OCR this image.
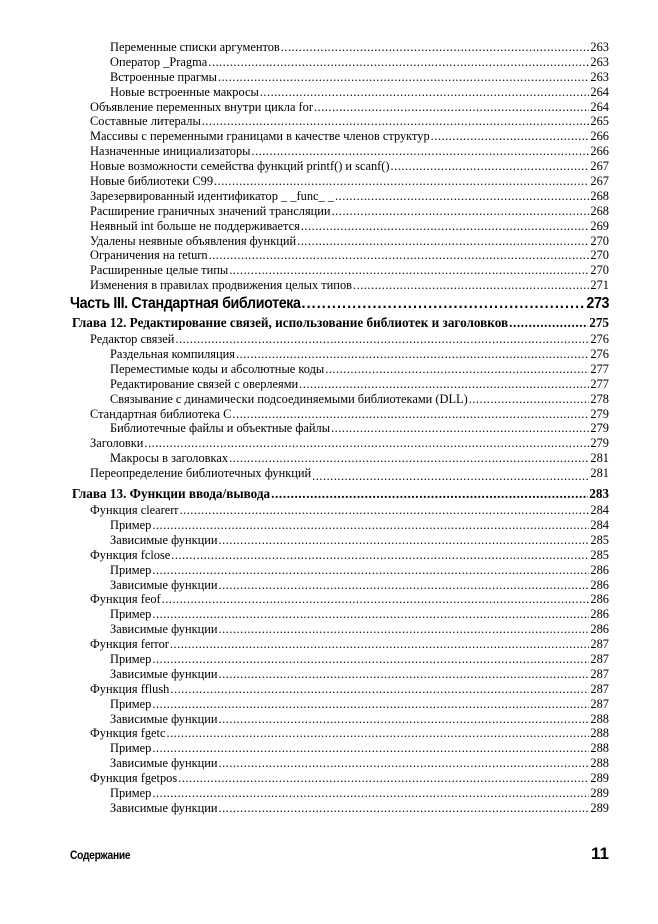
Переменные списки аргументов .....	263
Оператор _Pragma .....	263
Встроенные прагмы .....	263
Новые встроенные макросы .....	264
Объявление переменных внутри цикла for .....	264
Составные литералы .....	265
Массивы с переменными границами в качестве членов структур .....	266
Назначенные инициализаторы .....	266
Новые возможности семейства функций printf() и scanf() .....	267
Новые библиотеки C99 .....	267
Зарезервированный идентификатор _ _func_ _ .....	268
Расширение граничных значений трансляции .....	268
Неявный int больше не поддерживается .....	269
Удалены неявные объявления функций .....	270
Ограничения на return .....	270
Расширенные целые типы .....	270
Изменения в правилах продвижения целых типов .....	271
Часть III. Стандартная библиотека .....	273
Глава 12. Редактирование связей, использование библиотек и заголовков .....	275
Редактор связей .....	276
Раздельная компиляция .....	276
Переместимые коды и абсолютные коды .....	277
Редактирование связей с оверлеями .....	277
Связывание с динамически подсоединяемыми библиотеками (DLL) .....	278
Стандартная библиотека C .....	279
Библиотечные файлы и объектные файлы .....	279
Заголовки .....	279
Макросы в заголовках .....	281
Переопределение библиотечных функций .....	281
Глава 13. Функции ввода/вывода .....	283
Функция clearerr .....	284
Пример .....	284
Зависимые функции .....	285
Функция fclose .....	285
Пример .....	286
Зависимые функции .....	286
Функция feof .....	286
Пример .....	286
Зависимые функции .....	286
Функция ferror .....	287
Пример .....	287
Зависимые функции .....	287
Функция fflush .....	287
Пример .....	287
Зависимые функции .....	288
Функция fgetc .....	288
Пример .....	288
Зависимые функции .....	288
Функция fgetpos .....	289
Пример .....	289
Зависимые функции .....	289
Содержание	11
